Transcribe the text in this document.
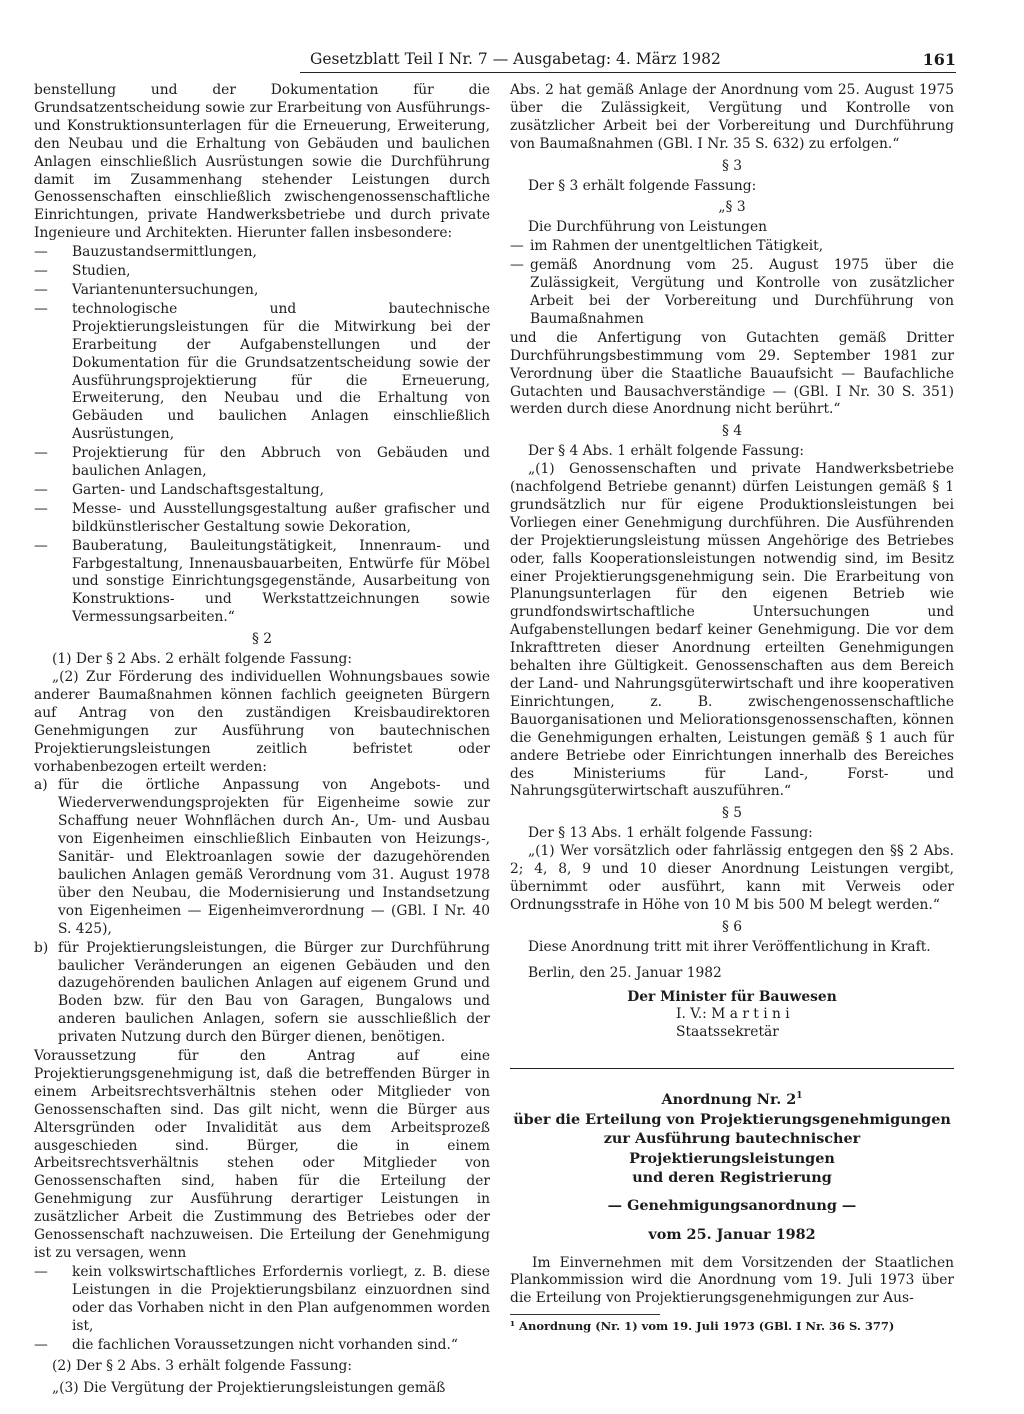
Gesetzblatt Teil I Nr. 7 — Ausgabetag: 4. März 1982	161

benstellung und der Dokumentation für die Grundsatzentscheidung sowie zur Erarbeitung von Ausführungs- und Konstruktionsunterlagen für die Erneuerung, Erweiterung, den Neubau und die Erhaltung von Gebäuden und baulichen Anlagen einschließlich Ausrüstungen sowie die Durchführung damit im Zusammenhang stehender Leistungen durch Genossenschaften einschließlich zwischengenossenschaftliche Einrichtungen, private Handwerksbetriebe und durch private Ingenieure und Architekten. Hierunter fallen insbesondere:

—	Bauzustandsermittlungen,
—	Studien,
—	Variantenuntersuchungen,
—	technologische und bautechnische Projektierungsleistungen für die Mitwirkung bei der Erarbeitung der Aufgabenstellungen und der Dokumentation für die Grundsatzentscheidung sowie der Ausführungsprojektierung für die Erneuerung, Erweiterung, den Neubau und die Erhaltung von Gebäuden und baulichen Anlagen einschließlich Ausrüstungen,
—	Projektierung für den Abbruch von Gebäuden und baulichen Anlagen,
—	Garten- und Landschaftsgestaltung,
—	Messe- und Ausstellungsgestaltung außer grafischer und bildkünstlerischer Gestaltung sowie Dekoration,
—	Bauberatung, Bauleitungstätigkeit, Innenraum- und Farbgestaltung, Innenausbauarbeiten, Entwürfe für Möbel und sonstige Einrichtungsgegenstände, Ausarbeitung von Konstruktions- und Werkstattzeichnungen sowie Vermessungsarbeiten.“
§ 2

(1) Der § 2 Abs. 2 erhält folgende Fassung:

„(2) Zur Förderung des individuellen Wohnungsbaues sowie anderer Baumaßnahmen können fachlich geeigneten Bürgern auf Antrag von den zuständigen Kreisbaudirektoren Genehmigungen zur Ausführung von bautechnischen Projektierungsleistungen zeitlich befristet oder vorhabenbezogen erteilt werden:

a) für die örtliche Anpassung von Angebots- und Wiederverwendungsprojekten für Eigenheime sowie zur Schaffung neuer Wohnflächen durch An-, Um- und Ausbau von Eigenheimen einschließlich Einbauten von Heizungs-, Sanitär- und Elektroanlagen sowie der dazugehörenden baulichen Anlagen gemäß Verordnung vom 31. August 1978 über den Neubau, die Modernisierung und Instandsetzung von Eigenheimen — Eigenheimverordnung — (GBl. I Nr. 40 S. 425),
b) für Projektierungsleistungen, die Bürger zur Durchführung baulicher Veränderungen an eigenen Gebäuden und den dazugehörenden baulichen Anlagen auf eigenem Grund und Boden bzw. für den Bau von Garagen, Bungalows und anderen baulichen Anlagen, sofern sie ausschließlich der privaten Nutzung durch den Bürger dienen, benötigen.

Voraussetzung für den Antrag auf eine Projektierungsgenehmigung ist, daß die betreffenden Bürger in einem Arbeitsrechtsverhältnis stehen oder Mitglieder von Genossenschaften sind. Das gilt nicht, wenn die Bürger aus Altersgründen oder Invalidität aus dem Arbeitsprozeß ausgeschieden sind. Bürger, die in einem Arbeitsrechtsverhältnis stehen oder Mitglieder von Genossenschaften sind, haben für die Erteilung der Genehmigung zur Ausführung derartiger Leistungen in zusätzlicher Arbeit die Zustimmung des Betriebes oder der Genossenschaft nachzuweisen. Die Erteilung der Genehmigung ist zu versagen, wenn

—	kein volkswirtschaftliches Erfordernis vorliegt, z. B. diese Leistungen in die Projektierungsbilanz einzuordnen sind oder das Vorhaben nicht in den Plan aufgenommen worden ist,
—	die fachlichen Voraussetzungen nicht vorhanden sind.“

(2) Der § 2 Abs. 3 erhält folgende Fassung:

„(3) Die Vergütung der Projektierungsleistungen gemäß

Abs. 2 hat gemäß Anlage der Anordnung vom 25. August 1975 über die Zulässigkeit, Vergütung und Kontrolle von zusätzlicher Arbeit bei der Vorbereitung und Durchführung von Baumaßnahmen (GBl. I Nr. 35 S. 632) zu erfolgen.“

§ 3

Der § 3 erhält folgende Fassung:

„§ 3

Die Durchführung von Leistungen

— im Rahmen der unentgeltlichen Tätigkeit,
— gemäß Anordnung vom 25. August 1975 über die Zulässigkeit, Vergütung und Kontrolle von zusätzlicher Arbeit bei der Vorbereitung und Durchführung von Baumaßnahmen

und die Anfertigung von Gutachten gemäß Dritter Durchführungsbestimmung vom 29. September 1981 zur Verordnung über die Staatliche Bauaufsicht — Baufachliche Gutachten und Bausachverständige — (GBl. I Nr. 30 S. 351) werden durch diese Anordnung nicht berührt.“

§ 4

Der § 4 Abs. 1 erhält folgende Fassung:

„(1) Genossenschaften und private Handwerksbetriebe (nachfolgend Betriebe genannt) dürfen Leistungen gemäß § 1 grundsätzlich nur für eigene Produktionsleistungen bei Vorliegen einer Genehmigung durchführen. Die Ausführenden der Projektierungsleistung müssen Angehörige des Betriebes oder, falls Kooperationsleistungen notwendig sind, im Besitz einer Projektierungsgenehmigung sein. Die Erarbeitung von Planungsunterlagen für den eigenen Betrieb wie grundfondswirtschaftliche Untersuchungen und Aufgabenstellungen bedarf keiner Genehmigung. Die vor dem Inkrafttreten dieser Anordnung erteilten Genehmigungen behalten ihre Gültigkeit. Genossenschaften aus dem Bereich der Land- und Nahrungsgüterwirtschaft und ihre kooperativen Einrichtungen, z. B. zwischengenossenschaftliche Bauorganisationen und Meliorationsgenossenschaften, können die Genehmigungen erhalten, Leistungen gemäß § 1 auch für andere Betriebe oder Einrichtungen innerhalb des Bereiches des Ministeriums für Land-, Forst- und Nahrungsgüterwirtschaft auszuführen.“

§ 5

Der § 13 Abs. 1 erhält folgende Fassung:

„(1) Wer vorsätzlich oder fahrlässig entgegen den §§ 2 Abs. 2; 4, 8, 9 und 10 dieser Anordnung Leistungen vergibt, übernimmt oder ausführt, kann mit Verweis oder Ordnungsstrafe in Höhe von 10 M bis 500 M belegt werden.“

§ 6

Diese Anordnung tritt mit ihrer Veröffentlichung in Kraft.

Berlin, den 25. Januar 1982

Der Minister für Bauwesen
I. V.: M a r t i n i
Staatssekretär
Anordnung Nr. $2^1$
über die Erteilung von Projektierungsgenehmigungen
zur Ausführung bautechnischer Projektierungsleistungen
und deren Registrierung
— Genehmigungsanordnung —
vom 25. Januar 1982

Im Einvernehmen mit dem Vorsitzenden der Staatlichen Plankommission wird die Anordnung vom 19. Juli 1973 über die Erteilung von Projektierungsgenehmigungen zur Aus-

¹ Anordnung (Nr. 1) vom 19. Juli 1973 (GBl. I Nr. 36 S. 377)
